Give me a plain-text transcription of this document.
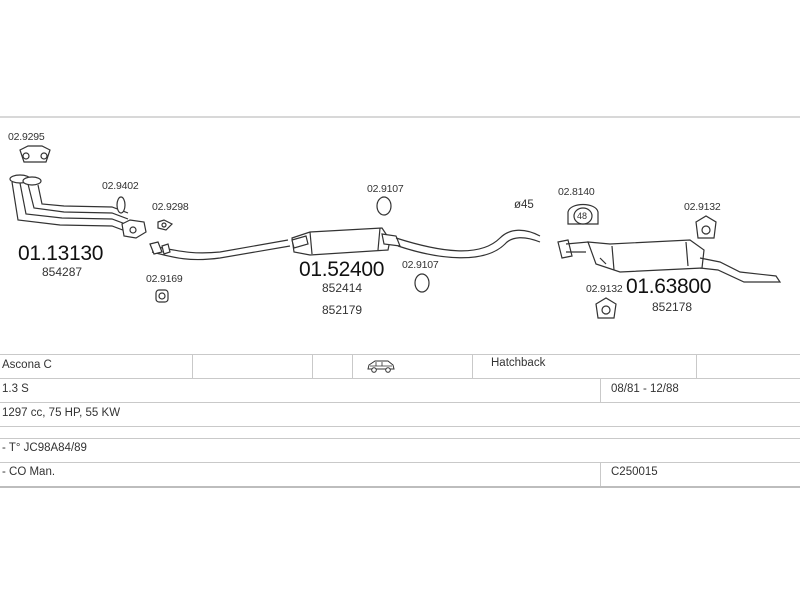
02.9295
02.9402
02.9298
02.9169
02.9107
02.9107
02.8140
02.9132
02.9132
48
ø45
01.13130
854287	01.52400
852414
852179
01.63800
852178
Ascona C	Hatchback
1.3 S	08/81 - 12/88
1297 cc, 75 HP, 55 KW
- T° JC98A84/89
- CO Man.	C250015
